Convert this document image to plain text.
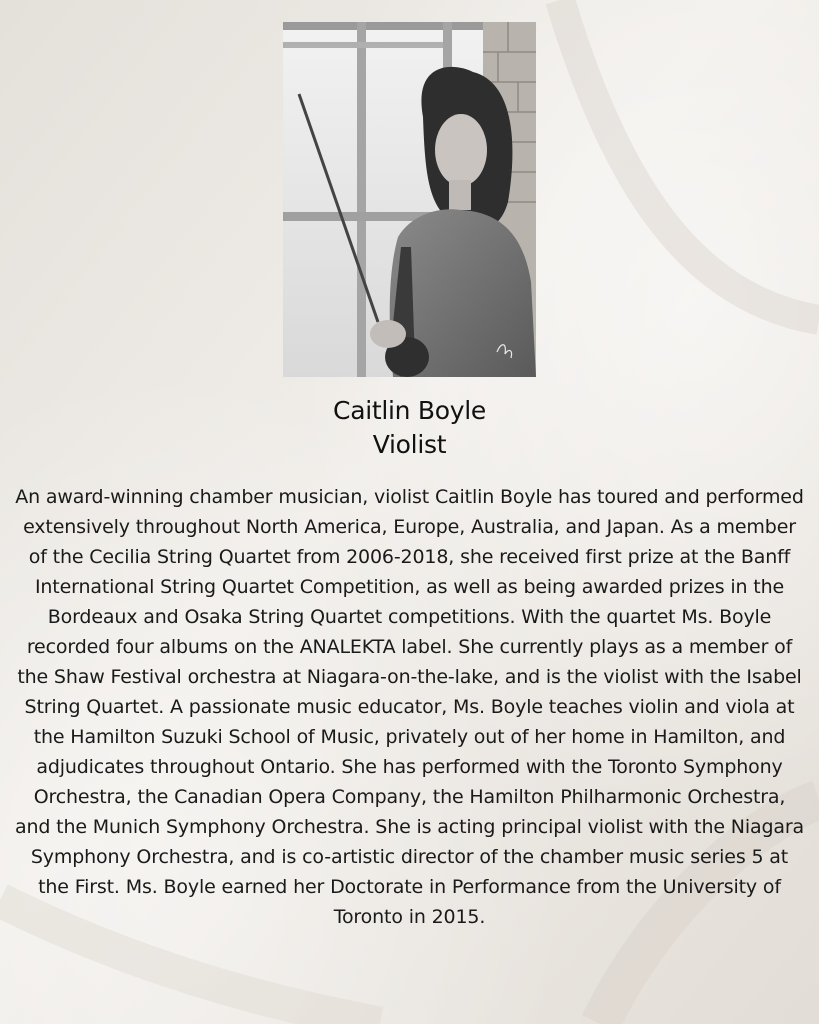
Caitlin Boyle
Violist
An award-winning chamber musician, violist Caitlin Boyle has toured and performed extensively throughout North America, Europe, Australia, and Japan. As a member of the Cecilia String Quartet from 2006-2018, she received first prize at the Banff International String Quartet Competition, as well as being awarded prizes in the Bordeaux and Osaka String Quartet competitions. With the quartet Ms. Boyle recorded four albums on the ANALEKTA label. She currently plays as a member of the Shaw Festival orchestra at Niagara-on-the-lake, and is the violist with the Isabel String Quartet. A passionate music educator, Ms. Boyle teaches violin and viola at the Hamilton Suzuki School of Music, privately out of her home in Hamilton, and adjudicates throughout Ontario. She has performed with the Toronto Symphony Orchestra, the Canadian Opera Company, the Hamilton Philharmonic Orchestra, and the Munich Symphony Orchestra. She is acting principal violist with the Niagara Symphony Orchestra, and is co-artistic director of the chamber music series 5 at the First. Ms. Boyle earned her Doctorate in Performance from the University of Toronto in 2015.
